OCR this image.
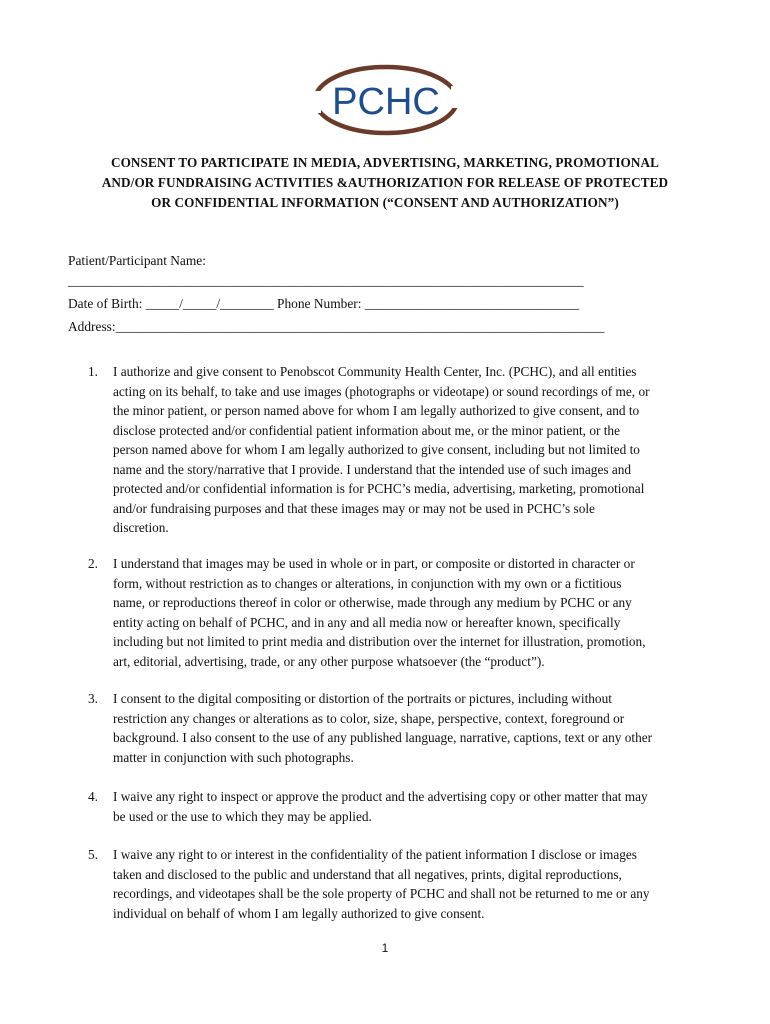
PCHC
CONSENT TO PARTICIPATE IN MEDIA, ADVERTISING, MARKETING, PROMOTIONAL
AND/OR FUNDRAISING ACTIVITIES &AUTHORIZATION FOR RELEASE OF PROTECTED
OR CONFIDENTIAL INFORMATION (“CONSENT AND AUTHORIZATION”)
Patient/Participant Name:
_____________________________________________________________________________
Date of Birth: _____/_____/________ Phone Number: ________________________________
Address:_________________________________________________________________________
1. I authorize and give consent to Penobscot Community Health Center, Inc. (PCHC), and all entities
acting on its behalf, to take and use images (photographs or videotape) or sound recordings of me, or
the minor patient, or person named above for whom I am legally authorized to give consent, and to
disclose protected and/or confidential patient information about me, or the minor patient, or the
person named above for whom I am legally authorized to give consent, including but not limited to
name and the story/narrative that I provide. I understand that the intended use of such images and
protected and/or confidential information is for PCHC’s media, advertising, marketing, promotional
and/or fundraising purposes and that these images may or may not be used in PCHC’s sole
discretion.
2. I understand that images may be used in whole or in part, or composite or distorted in character or
form, without restriction as to changes or alterations, in conjunction with my own or a fictitious
name, or reproductions thereof in color or otherwise, made through any medium by PCHC or any
entity acting on behalf of PCHC, and in any and all media now or hereafter known, specifically
including but not limited to print media and distribution over the internet for illustration, promotion,
art, editorial, advertising, trade, or any other purpose whatsoever (the “product”).
3. I consent to the digital compositing or distortion of the portraits or pictures, including without
restriction any changes or alterations as to color, size, shape, perspective, context, foreground or
background. I also consent to the use of any published language, narrative, captions, text or any other
matter in conjunction with such photographs.
4. I waive any right to inspect or approve the product and the advertising copy or other matter that may
be used or the use to which they may be applied.
5. I waive any right to or interest in the confidentiality of the patient information I disclose or images
taken and disclosed to the public and understand that all negatives, prints, digital reproductions,
recordings, and videotapes shall be the sole property of PCHC and shall not be returned to me or any
individual on behalf of whom I am legally authorized to give consent.
1
